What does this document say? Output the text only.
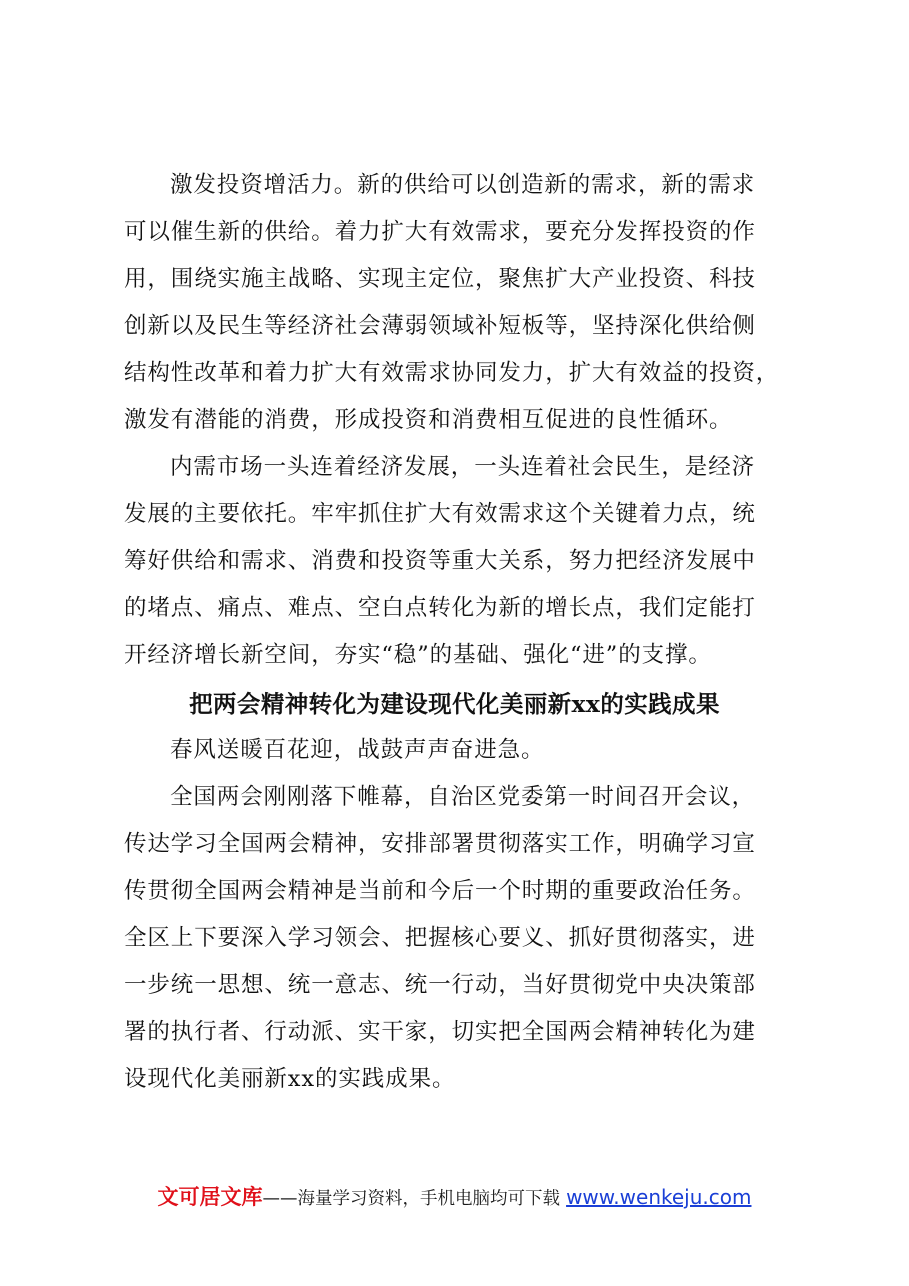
激发投资增活力。新的供给可以创造新的需求，新的需求
可以催生新的供给。着力扩大有效需求，要充分发挥投资的作
用，围绕实施主战略、实现主定位，聚焦扩大产业投资、科技
创新以及民生等经济社会薄弱领域补短板等，坚持深化供给侧
结构性改革和着力扩大有效需求协同发力，扩大有效益的投资，
激发有潜能的消费，形成投资和消费相互促进的良性循环。
内需市场一头连着经济发展，一头连着社会民生，是经济
发展的主要依托。牢牢抓住扩大有效需求这个关键着力点，统
筹好供给和需求、消费和投资等重大关系，努力把经济发展中
的堵点、痛点、难点、空白点转化为新的增长点，我们定能打
开经济增长新空间，夯实“稳”的基础、强化“进”的支撑。
把两会精神转化为建设现代化美丽新xx的实践成果
春风送暖百花迎，战鼓声声奋进急。
全国两会刚刚落下帷幕，自治区党委第一时间召开会议，
传达学习全国两会精神，安排部署贯彻落实工作，明确学习宣
传贯彻全国两会精神是当前和今后一个时期的重要政治任务。
全区上下要深入学习领会、把握核心要义、抓好贯彻落实，进
一步统一思想、统一意志、统一行动，当好贯彻党中央决策部
署的执行者、行动派、实干家，切实把全国两会精神转化为建
设现代化美丽新xx的实践成果。
文可居文库——海量学习资料，手机电脑均可下载 www.wenkeju.com
